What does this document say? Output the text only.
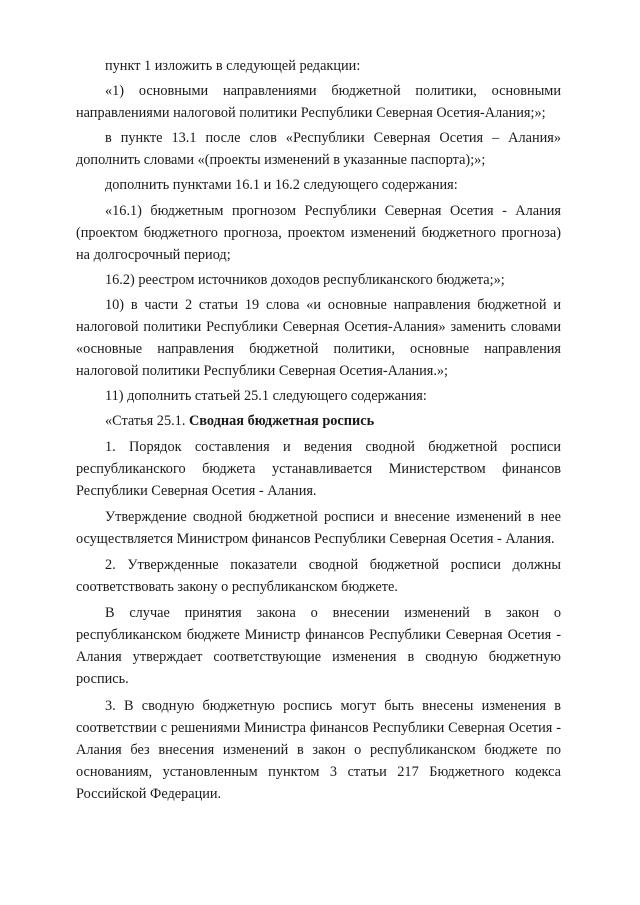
пункт 1 изложить в следующей редакции:

«1) основными направлениями бюджетной политики, основными направлениями налоговой политики Республики Северная Осетия-Алания;»;

в пункте 13.1 после слов «Республики Северная Осетия – Алания» дополнить словами «(проекты изменений в указанные паспорта);»;

дополнить пунктами 16.1 и 16.2 следующего содержания:

«16.1) бюджетным прогнозом Республики Северная Осетия - Алания (проектом бюджетного прогноза, проектом изменений бюджетного прогноза) на долгосрочный период;

16.2) реестром источников доходов республиканского бюджета;»;

10) в части 2 статьи 19 слова «и основные направления бюджетной и налоговой политики Республики Северная Осетия-Алания» заменить словами «основные направления бюджетной политики, основные направления налоговой политики Республики Северная Осетия-Алания.»;

11) дополнить статьей 25.1 следующего содержания:

«Статья 25.1. Сводная бюджетная роспись

1. Порядок составления и ведения сводной бюджетной росписи республиканского бюджета устанавливается Министерством финансов Республики Северная Осетия - Алания.

Утверждение сводной бюджетной росписи и внесение изменений в нее осуществляется Министром финансов Республики Северная Осетия - Алания.

2. Утвержденные показатели сводной бюджетной росписи должны соответствовать закону о республиканском бюджете.

В случае принятия закона о внесении изменений в закон о республиканском бюджете Министр финансов Республики Северная Осетия - Алания утверждает соответствующие изменения в сводную бюджетную роспись.

3. В сводную бюджетную роспись могут быть внесены изменения в соответствии с решениями Министра финансов Республики Северная Осетия - Алания без внесения изменений в закон о республиканском бюджете по основаниям, установленным пунктом 3 статьи 217 Бюджетного кодекса Российской Федерации.
